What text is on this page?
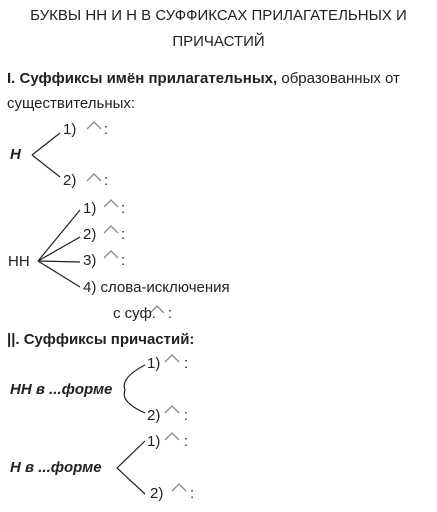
БУКВЫ НН И Н В СУФФИКСАХ ПРИЛАГАТЕЛЬНЫХ И
ПРИЧАСТИЙ
I. Суффиксы имён прилагательных, образованных от
существительных:
Н
1) :
2) :
НН
1) :
2) :
3) :
4) слова-исключения
с суф. :
||. Суффиксы причастий:
НН в ...форме
1) :
2) :
Н в ...форме
1) :
2) :
